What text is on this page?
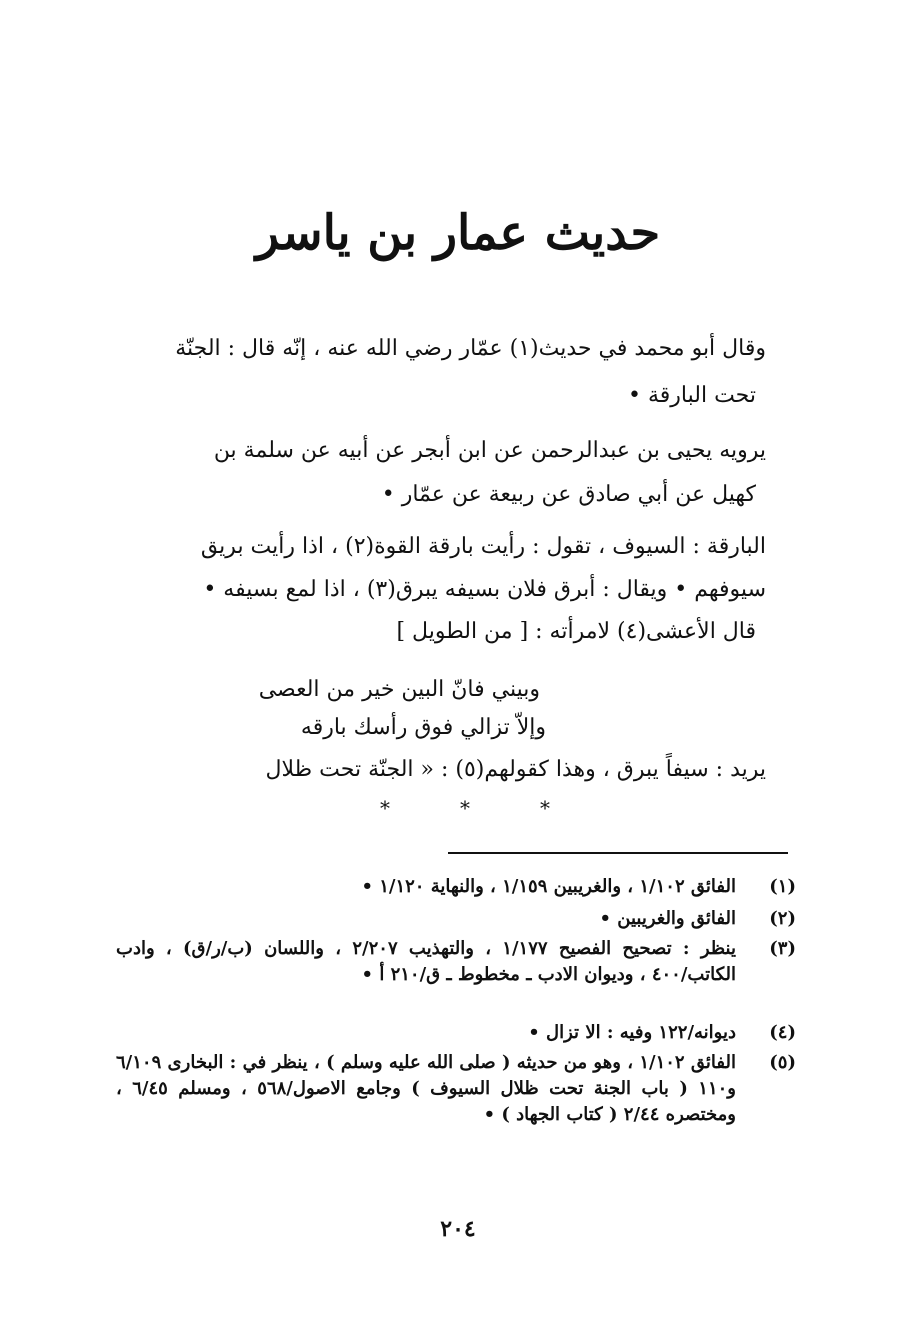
حديث عمار بن ياسر
وقال أبو محمد في حديث(١) عمّار رضي الله عنه ، إنّه قال : الجنّة
تحت البارقة •
يرويه يحيى بن عبدالرحمن عن ابن أبجر عن أبيه عن سلمة بن
كهيل عن أبي صادق عن ربيعة عن عمّار •
البارقة : السيوف ، تقول : رأيت بارقة القوة(٢) ، اذا رأيت بريق
سيوفهم • ويقال : أبرق فلان بسيفه يبرق(٣) ، اذا لمع بسيفه •
قال الأعشى(٤) لامرأته : [ من الطويل ]
وبيني فانّ البين خير من العصى
وإلاّ تزالي فوق رأسك بارقه
يريد : سيفاً يبرق ، وهذا كقولهم(٥) : « الجنّة تحت ظلال
*	*	*
(١)
الفائق ١/١٠٢ ، والغريبين ١/١٥٩ ، والنهاية ١/١٢٠ •
(٢)
الفائق والغريبين •
(٣)
ينظر : تصحيح الفصيح ١/١٧٧ ، والتهذيب ٢/٢٠٧ ، واللسان (ب/ر/ق) ، وادب الكاتب/٤٠٠ ، وديوان الادب ـ مخطوط ـ ق/٢١٠ أ •
(٤)
ديوانه/١٢٢ وفيه : الا تزال •
(٥)
الفائق ١/١٠٢ ، وهو من حديثه ( صلى الله عليه وسلم ) ، ينظر في : البخارى ٦/١٠٩ و١١٠ ( باب الجنة تحت ظلال السيوف ) وجامع الاصول/٥٦٨ ، ومسلم ٦/٤٥ ، ومختصره ٢/٤٤ ( كتاب الجهاد ) •
٢٠٤
